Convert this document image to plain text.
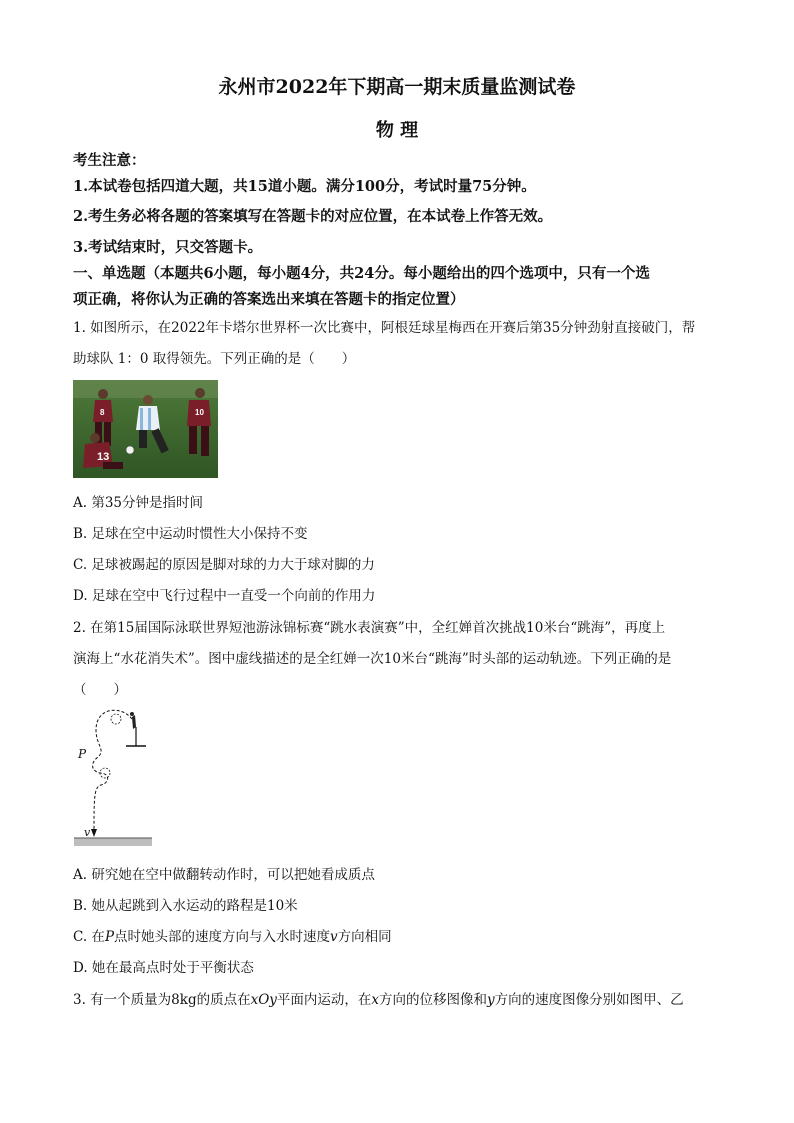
永州市2022年下期高一期末质量监测试卷
物 理
考生注意：
1.本试卷包括四道大题，共15道小题。满分100分，考试时量75分钟。
2.考生务必将各题的答案填写在答题卡的对应位置，在本试卷上作答无效。
3.考试结束时，只交答题卡。
一、单选题（本题共6小题，每小题4分，共24分。每小题给出的四个选项中，只有一个选
项正确，将你认为正确的答案选出来填在答题卡的指定位置）
1. 如图所示，在2022年卡塔尔世界杯一次比赛中，阿根廷球星梅西在开赛后第35分钟劲射直接破门，帮
助球队 1：0 取得领先。下列正确的是（　　）
13
8	10
A. 第35分钟是指时间
B. 足球在空中运动时惯性大小保持不变
C. 足球被踢起的原因是脚对球的力大于球对脚的力
D. 足球在空中飞行过程中一直受一个向前的作用力
2. 在第15届国际泳联世界短池游泳锦标赛“跳水表演赛”中，全红婵首次挑战10米台“跳海”，再度上
演海上“水花消失术”。图中虚线描述的是全红婵一次10米台“跳海”时头部的运动轨迹。下列正确的是
（　　）
P
v
A. 研究她在空中做翻转动作时，可以把她看成质点
B. 她从起跳到入水运动的路程是10米
C. 在P点时她头部的速度方向与入水时速度v方向相同
D. 她在最高点时处于平衡状态
3. 有一个质量为8kg的质点在xOy平面内运动，在x方向的位移图像和y方向的速度图像分别如图甲、乙
